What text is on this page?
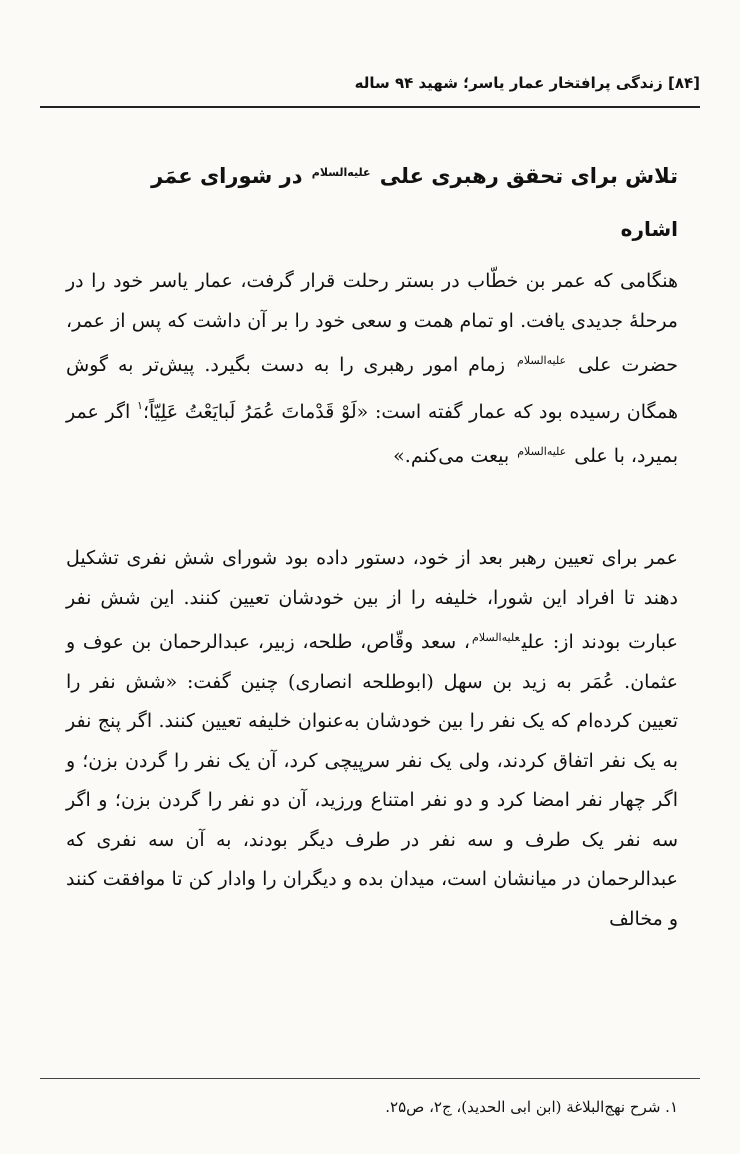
[۸۴] زندگی پرافتخار عمار یاسر؛ شهید ۹۴ ساله
تلاش برای تحقق رهبری علی $^{عليه‌السلام}$ در شورای عمَر
اشاره
هنگامی که عمر بن خطّاب در بستر رحلت قرار گرفت، عمار یاسر خود را در مرحلهٔ جدیدی یافت. او تمام همت و سعی خود را بر آن داشت که پس از عمر، حضرت علی $^{عليه‌السلام}$ زمام امور رهبری را به دست بگیرد. پیش‌تر به گوش همگان رسیده بود که عمار گفته است: «لَوْ قَدْماتَ عُمَرُ لَبایَعْتُ عَلِیّاً؛$^۱$ اگر عمر بمیرد، با علی $^{عليه‌السلام}$ بیعت می‌کنم.»
عمر برای تعیین رهبر بعد از خود، دستور داده بود شورای شش نفری تشکیل دهند تا افراد این شورا، خلیفه را از بین خودشان تعیین کنند. این شش نفر عبارت بودند از: علی$^{عليه‌السلام}$، سعد وقّاص، طلحه، زبیر، عبدالرحمان بن عوف و عثمان. عُمَر به زید بن سهل (ابوطلحه انصاری) چنین گفت: «شش نفر را تعیین کرده‌ام که یک نفر را بین خودشان به‌عنوان خلیفه تعیین کنند. اگر پنج نفر به یک نفر اتفاق کردند، ولی یک نفر سرپیچی کرد، آن یک نفر را گردن بزن؛ و اگر چهار نفر امضا کرد و دو نفر امتناع ورزید، آن دو نفر را گردن بزن؛ و اگر سه نفر یک طرف و سه نفر در طرف دیگر بودند، به آن سه نفری که عبدالرحمان در میانشان است، میدان بده و دیگران را وادار کن تا موافقت کنند و مخالف
۱. شرح نهج‌البلاغة (ابن ابی الحدید)، ج۲، ص۲۵.
